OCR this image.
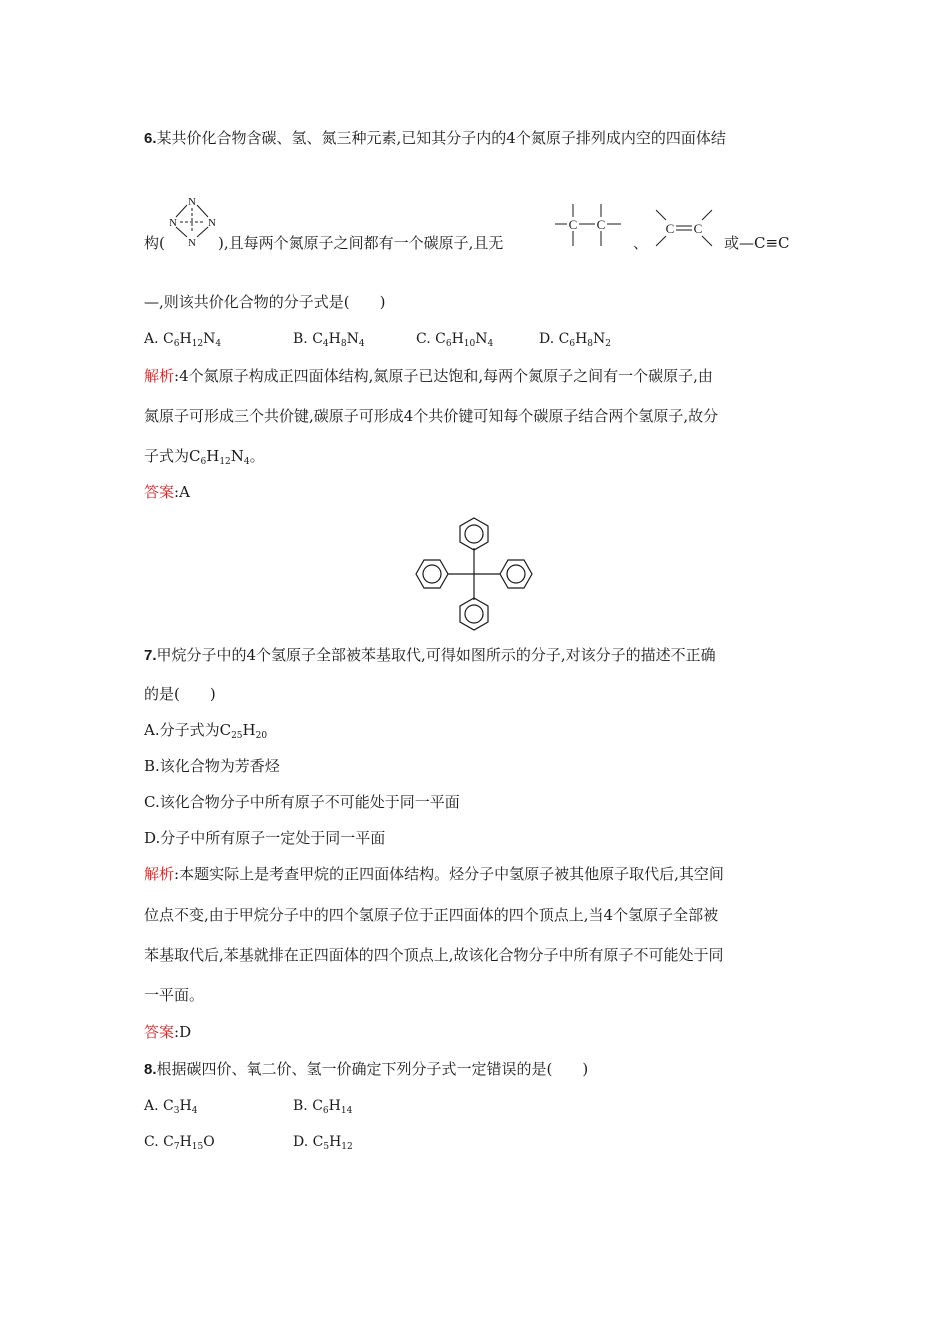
6.某共价化合物含碳、氢、氮三种元素,已知其分子内的4个氮原子排列成内空的四面体结
N
N	N
N
构(	),且每两个氮原子之间都有一个碳原子,且无
C C
、
C C
或—C≡C
—,则该共价化合物的分子式是(　　)
A. $C_6H_{12}N_4$	B. $C_4H_8N_4$	C. $C_6H_{10}N_4$	D. $C_6H_8N_2$
解析:4个氮原子构成正四面体结构,氮原子已达饱和,每两个氮原子之间有一个碳原子,由
氮原子可形成三个共价键,碳原子可形成4个共价键可知每个碳原子结合两个氢原子,故分
子式为$C_6H_{12}N_4$。
答案:A
7.甲烷分子中的4个氢原子全部被苯基取代,可得如图所示的分子,对该分子的描述不正确
的是(　　)
A.分子式为$C_{25}H_{20}$
B.该化合物为芳香烃
C.该化合物分子中所有原子不可能处于同一平面
D.分子中所有原子一定处于同一平面
解析:本题实际上是考查甲烷的正四面体结构。烃分子中氢原子被其他原子取代后,其空间
位点不变,由于甲烷分子中的四个氢原子位于正四面体的四个顶点上,当4个氢原子全部被
苯基取代后,苯基就排在正四面体的四个顶点上,故该化合物分子中所有原子不可能处于同
一平面。
答案:D
8.根据碳四价、氧二价、氢一价确定下列分子式一定错误的是(　　)
A. $C_3H_4$	B. $C_6H_{14}$
C. $C_7H_{15}O$	D. $C_5H_{12}$
